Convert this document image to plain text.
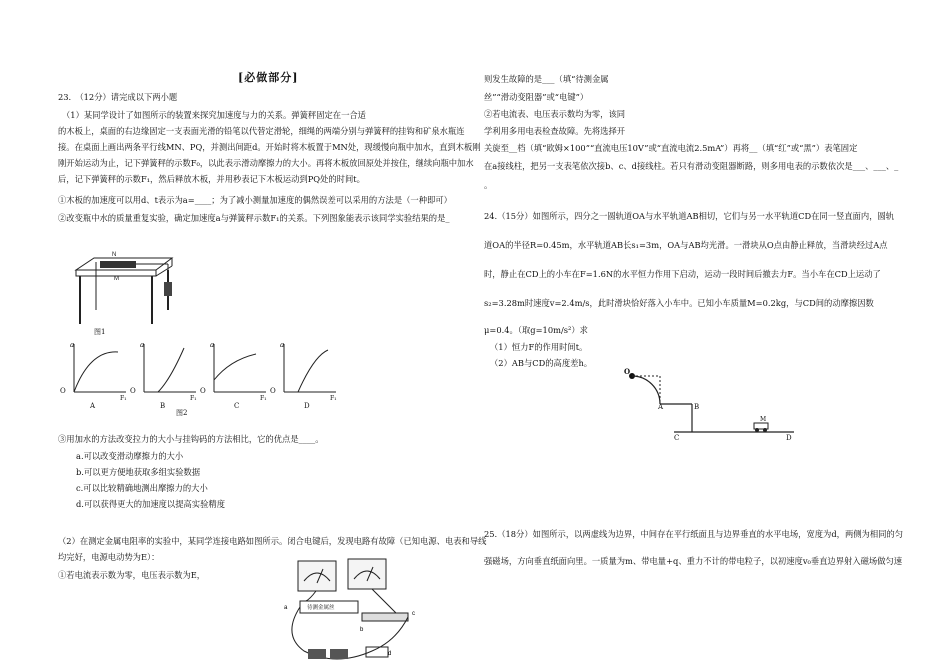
[必做部分]
23.　（12分）请完成以下两小题
（1）某同学设计了如图所示的装置来探究加速度与力的关系。弹簧秤固定在一合适
的木板上，桌面的右边缘固定一支表面光滑的铅笔以代替定滑轮，细绳的两端分别与弹簧秤的挂钩和矿泉水瓶连
接。在桌面上画出两条平行线MN、PQ，并测出间距d。开始时将木板置于MN处，现缓慢向瓶中加水，直到木板刚
刚开始运动为止，记下弹簧秤的示数F₀，以此表示滑动摩擦力的大小。再将木板放回原处并按住，继续向瓶中加水
后，记下弹簧秤的示数F₁，然后释放木板，并用秒表记下木板运动到PQ处的时间t。
①木板的加速度可以用d、t表示为a=____；为了减小测量加速度的偶然误差可以采用的方法是（一种即可）
②改变瓶中水的质量重复实验，确定加速度a与弹簧秤示数F₁的关系。下列图象能表示该同学实验结果的是_
N
M
图1
a	a	a	a
O	O	O	O
F₁	F₁	F₁	F₁
A	B	C	D
图2
③用加水的方法改变拉力的大小与挂钩码的方法相比，它的优点是____。
a.可以改变滑动摩擦力的大小
b.可以更方便地获取多组实验数据
c.可以比较精确地测出摩擦力的大小
d.可以获得更大的加速度以提高实验精度
（2）在测定金属电阻率的实验中，某同学连接电路如图所示。闭合电键后，发现电路有故障（已知电源、电表和导线
均完好，电源电动势为E）：
①若电流表示数为零，电压表示数为E，
a
c
b
d
待测金属丝
则发生故障的是___（填“待测金属
丝”“滑动变阻器”或“电键”）
②若电流表、电压表示数均为零，该同
学利用多用电表检查故障。先将选择开
关旋至__档（填“欧姆×100”“直流电压10V”或“直流电流2.5mA”）再将__（填“红”或“黑”）表笔固定
在a接线柱，把另一支表笔依次接b、c、d接线柱。若只有滑动变阻器断路，则多用电表的示数依次是___、___、_
。
24.（15分）如图所示，四分之一圆轨道OA与水平轨道AB相切，它们与另一水平轨道CD在同一竖直面内，圆轨
道OA的半径R=0.45m，水平轨道AB长s₁=3m，OA与AB均光滑。一滑块从O点由静止释放，当滑块经过A点
时，静止在CD上的小车在F=1.6N的水平恒力作用下启动，运动一段时间后撤去力F。当小车在CD上运动了
s₂=3.28m时速度v=2.4m/s，此时滑块恰好落入小车中。已知小车质量M=0.2kg，与CD间的动摩擦因数
μ=0.4。（取g=10m/s²）求
（1）恒力F的作用时间t。
（2）AB与CD的高度差h。
O
A	B
C	D
M
25.（18分）如图所示，以两虚线为边界，中间存在平行纸面且与边界垂直的水平电场，宽度为d，两侧为相同的匀
强磁场，方向垂直纸面向里。一质量为m、带电量+q、重力不计的带电粒子，以初速度v₀垂直边界射入磁场做匀速
